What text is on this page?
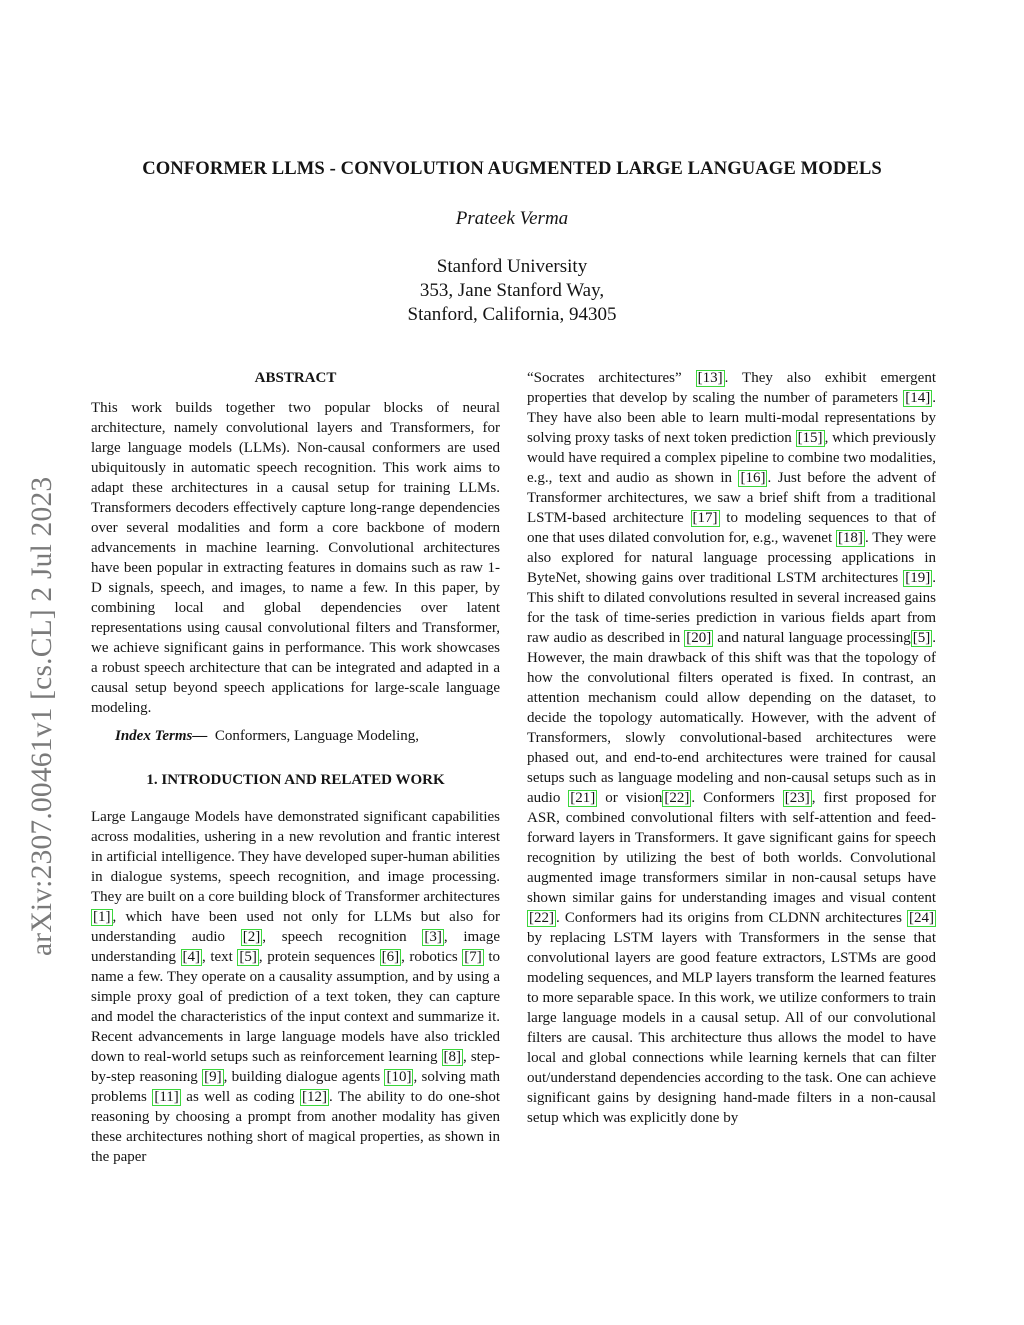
CONFORMER LLMS - CONVOLUTION AUGMENTED LARGE LANGUAGE MODELS
Prateek Verma
Stanford University
353, Jane Stanford Way,
Stanford, California, 94305
arXiv:2307.00461v1 [cs.CL] 2 Jul 2023
ABSTRACT

This work builds together two popular blocks of neural architecture, namely convolutional layers and Transformers, for large language models (LLMs). Non-causal conformers are used ubiquitously in automatic speech recognition. This work aims to adapt these architectures in a causal setup for training LLMs. Transformers decoders effectively capture long-range dependencies over several modalities and form a core backbone of modern advancements in machine learning. Convolutional architectures have been popular in extracting features in domains such as raw 1-D signals, speech, and images, to name a few. In this paper, by combining local and global dependencies over latent representations using causal convolutional filters and Transformer, we achieve significant gains in performance. This work showcases a robust speech architecture that can be integrated and adapted in a causal setup beyond speech applications for large-scale language modeling.

Index Terms— Conformers, Language Modeling,

1. INTRODUCTION AND RELATED WORK

Large Langauge Models have demonstrated significant capabilities across modalities, ushering in a new revolution and frantic interest in artificial intelligence. They have developed super-human abilities in dialogue systems, speech recognition, and image processing. They are built on a core building block of Transformer architectures [1] , which have been used not only for LLMs but also for understanding audio [2] , speech recognition [3] , image understanding [4] , text [5] , protein sequences [6] , robotics [7] to name a few. They operate on a causality assumption, and by using a simple proxy goal of prediction of a text token, they can capture and model the characteristics of the input context and summarize it. Recent advancements in large language models have also trickled down to real-world setups such as reinforcement learning [8] , step-by-step reasoning [9] , building dialogue agents [10] , solving math problems [11] as well as coding [12] . The ability to do one-shot reasoning by choosing a prompt from another modality has given these architectures nothing short of magical properties, as shown in the paper

“Socrates architectures” [13] . They also exhibit emergent properties that develop by scaling the number of parameters [14] . They have also been able to learn multi-modal representations by solving proxy tasks of next token prediction [15] , which previously would have required a complex pipeline to combine two modalities, e.g., text and audio as shown in [16] . Just before the advent of Transformer architectures, we saw a brief shift from a traditional LSTM-based architecture [17] to modeling sequences to that of one that uses dilated convolution for, e.g., wavenet [18] . They were also explored for natural language processing applications in ByteNet, showing gains over traditional LSTM architectures [19] . This shift to dilated convolutions resulted in several increased gains for the task of time-series prediction in various fields apart from raw audio as described in [20] and natural language processing [5] . However, the main drawback of this shift was that the topology of how the convolutional filters operated is fixed. In contrast, an attention mechanism could allow depending on the dataset, to decide the topology automatically. However, with the advent of Transformers, slowly convolutional-based architectures were phased out, and end-to-end architectures were trained for causal setups such as language modeling and non-causal setups such as in audio [21] or vision [22] . Conformers [23] , first proposed for ASR, combined convolutional filters with self-attention and feed-forward layers in Transformers. It gave significant gains for speech recognition by utilizing the best of both worlds. Convolutional augmented image transformers similar in non-causal setups have shown similar gains for understanding images and visual content [22] . Conformers had its origins from CLDNN architectures [24] by replacing LSTM layers with Transformers in the sense that convolutional layers are good feature extractors, LSTMs are good modeling sequences, and MLP layers transform the learned features to more separable space. In this work, we utilize conformers to train large language models in a causal setup. All of our convolutional filters are causal. This architecture thus allows the model to have local and global connections while learning kernels that can filter out/understand dependencies according to the task. One can achieve significant gains by designing hand-made filters in a non-causal setup which was explicitly done by
